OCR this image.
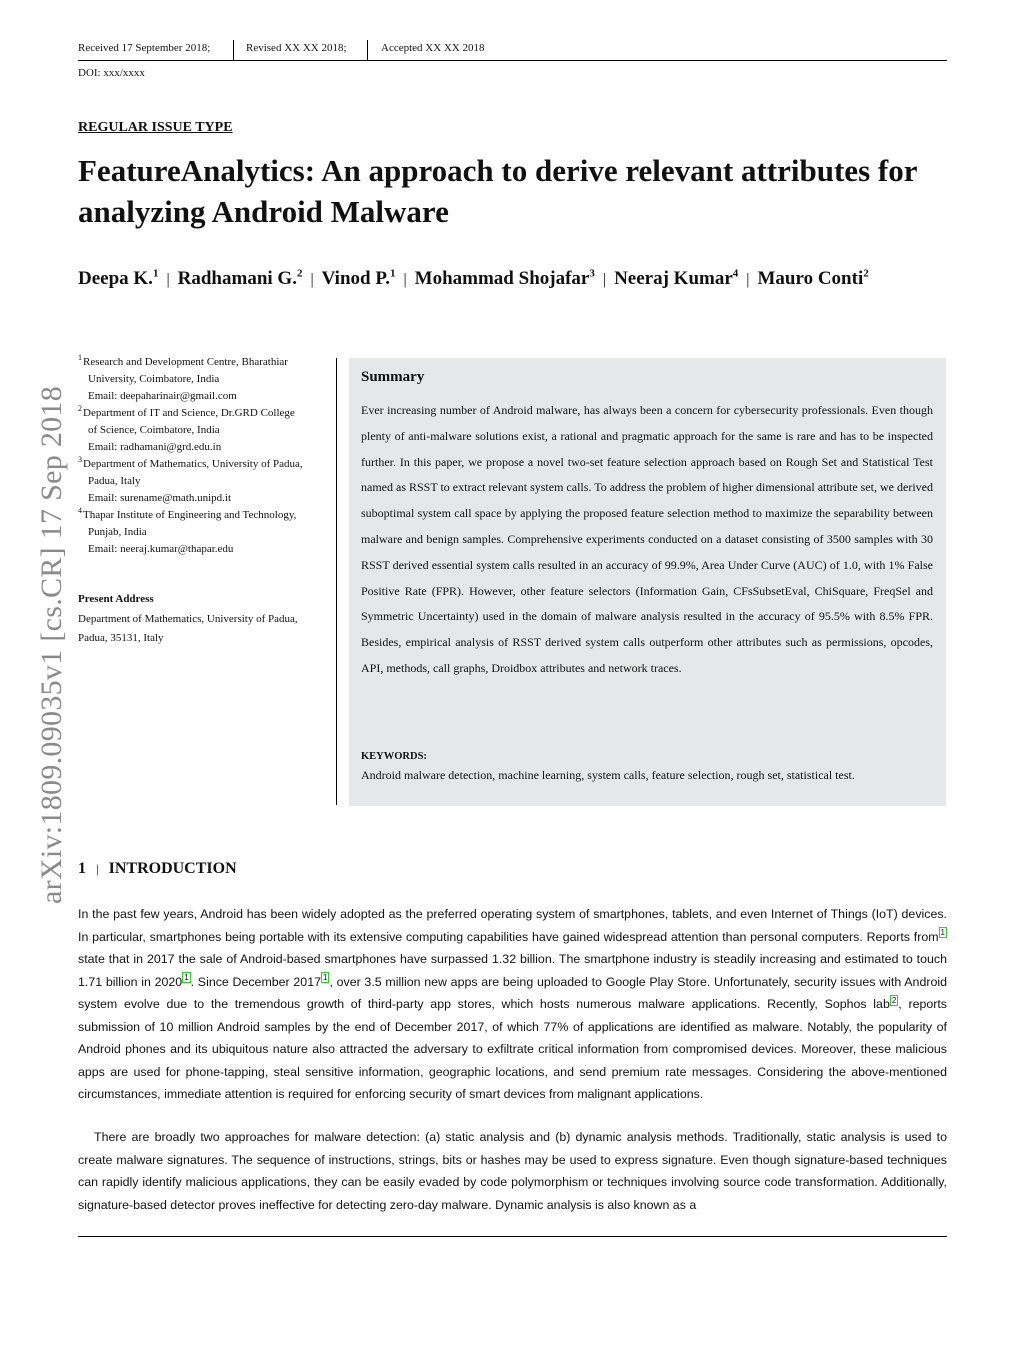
Received 17 September 2018;	Revised XX XX 2018;	Accepted XX XX 2018
DOI: xxx/xxxx
arXiv:1809.09035v1 [cs.CR] 17 Sep 2018
REGULAR ISSUE TYPE
FeatureAnalytics: An approach to derive relevant attributes for analyzing Android Malware
Deepa K.$^1$ | Radhamani G.$^2$ | Vinod P.$^1$ | Mohammad Shojafar$^3$ | Neeraj Kumar$^4$ | Mauro Conti$^2$
1 Research and Development Centre, Bharathiar
University, Coimbatore, India
Email: deepaharinair@gmail.com
2 Department of IT and Science, Dr.GRD College
of Science, Coimbatore, India
Email: radhamani@grd.edu.in
3 Department of Mathematics, University of Padua,
Padua, Italy
Email: surename@math.unipd.it
4 Thapar Institute of Engineering and Technology,
Punjab, India
Email: neeraj.kumar@thapar.edu
Present Address
Department of Mathematics, University of Padua,
Padua, 35131, Italy
Summary
Ever increasing number of Android malware, has always been a concern for cybersecurity professionals. Even though plenty of anti-malware solutions exist, a rational and pragmatic approach for the same is rare and has to be inspected further. In this paper, we propose a novel two-set feature selection approach based on Rough Set and Statistical Test named as RSST to extract relevant system calls. To address the problem of higher dimensional attribute set, we derived suboptimal system call space by applying the proposed feature selection method to maximize the separability between malware and benign samples. Comprehensive experiments conducted on a dataset consisting of 3500 samples with 30 RSST derived essential system calls resulted in an accuracy of 99.9%, Area Under Curve (AUC) of 1.0, with 1% False Positive Rate (FPR). However, other feature selectors (Information Gain, CFsSubsetEval, ChiSquare, FreqSel and Symmetric Uncertainty) used in the domain of malware analysis resulted in the accuracy of 95.5% with 8.5% FPR. Besides, empirical analysis of RSST derived system calls outperform other attributes such as permissions, opcodes, API, methods, call graphs, Droidbox attributes and network traces.
KEYWORDS:
Android malware detection, machine learning, system calls, feature selection, rough set, statistical test.
1 | INTRODUCTION
In the past few years, Android has been widely adopted as the preferred operating system of smartphones, tablets, and even Internet of Things (IoT) devices. In particular, smartphones being portable with its extensive computing capabilities have gained widespread attention than personal computers. Reports from 1 state that in 2017 the sale of Android-based smartphones have surpassed 1.32 billion. The smartphone industry is steadily increasing and estimated to touch 1.71 billion in 2020 1 . Since December 2017 1 , over 3.5 million new apps are being uploaded to Google Play Store. Unfortunately, security issues with Android system evolve due to the tremendous growth of third-party app stores, which hosts numerous malware applications. Recently, Sophos lab 2 , reports submission of 10 million Android samples by the end of December 2017, of which 77% of applications are identified as malware. Notably, the popularity of Android phones and its ubiquitous nature also attracted the adversary to exfiltrate critical information from compromised devices. Moreover, these malicious apps are used for phone-tapping, steal sensitive information, geographic locations, and send premium rate messages. Considering the above-mentioned circumstances, immediate attention is required for enforcing security of smart devices from malignant applications.
There are broadly two approaches for malware detection: (a) static analysis and (b) dynamic analysis methods. Traditionally, static analysis is used to create malware signatures. The sequence of instructions, strings, bits or hashes may be used to express signature. Even though signature-based techniques can rapidly identify malicious applications, they can be easily evaded by code polymorphism or techniques involving source code transformation. Additionally, signature-based detector proves ineffective for detecting zero-day malware. Dynamic analysis is also known as a
